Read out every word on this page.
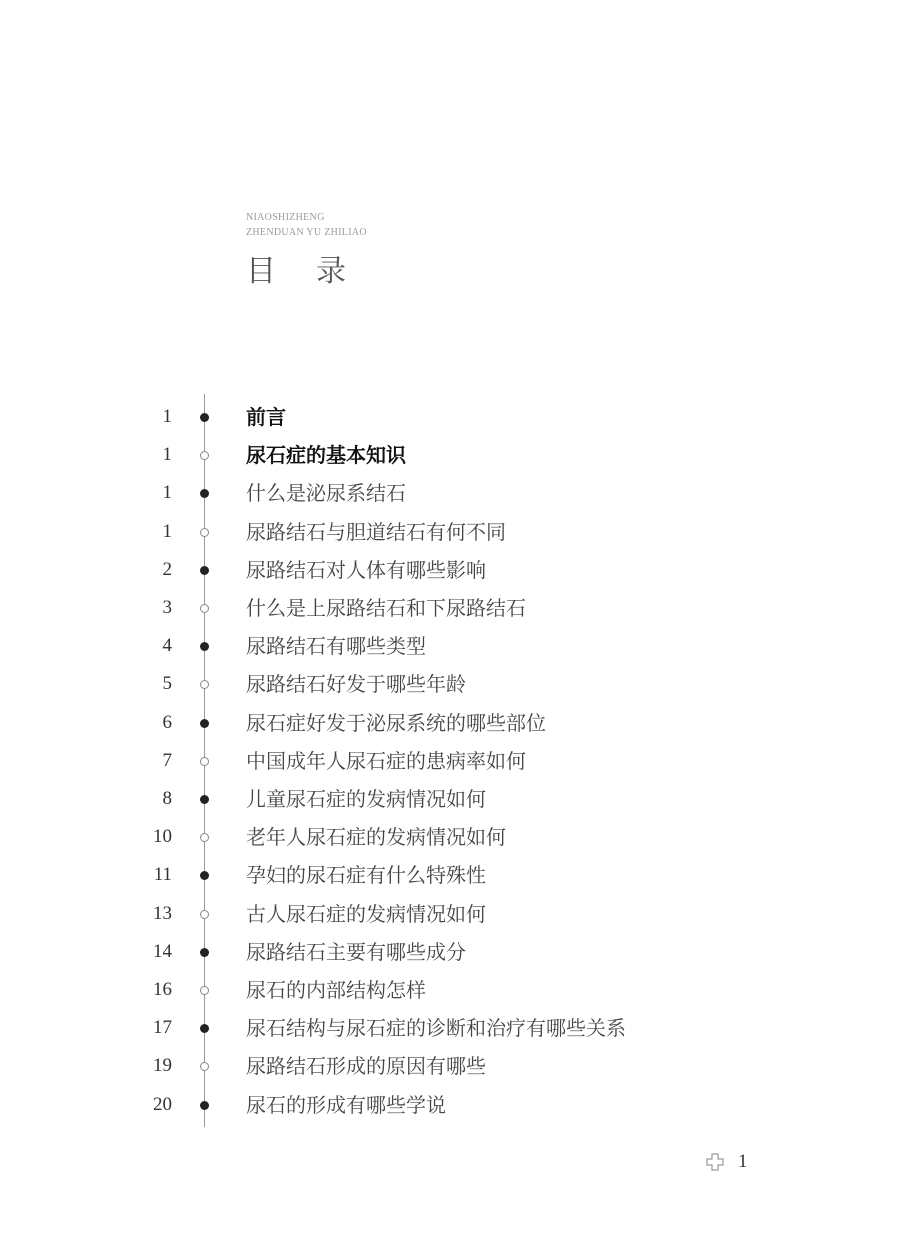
NIAOSHIZHENG
ZHENDUAN YU ZHILIAO
目录
1	前言
1	尿石症的基本知识
1	什么是泌尿系结石
1	尿路结石与胆道结石有何不同
2	尿路结石对人体有哪些影响
3	什么是上尿路结石和下尿路结石
4	尿路结石有哪些类型
5	尿路结石好发于哪些年龄
6	尿石症好发于泌尿系统的哪些部位
7	中国成年人尿石症的患病率如何
8	儿童尿石症的发病情况如何
10	老年人尿石症的发病情况如何
11	孕妇的尿石症有什么特殊性
13	古人尿石症的发病情况如何
14	尿路结石主要有哪些成分
16	尿石的内部结构怎样
17	尿石结构与尿石症的诊断和治疗有哪些关系
19	尿路结石形成的原因有哪些
20	尿石的形成有哪些学说
1
